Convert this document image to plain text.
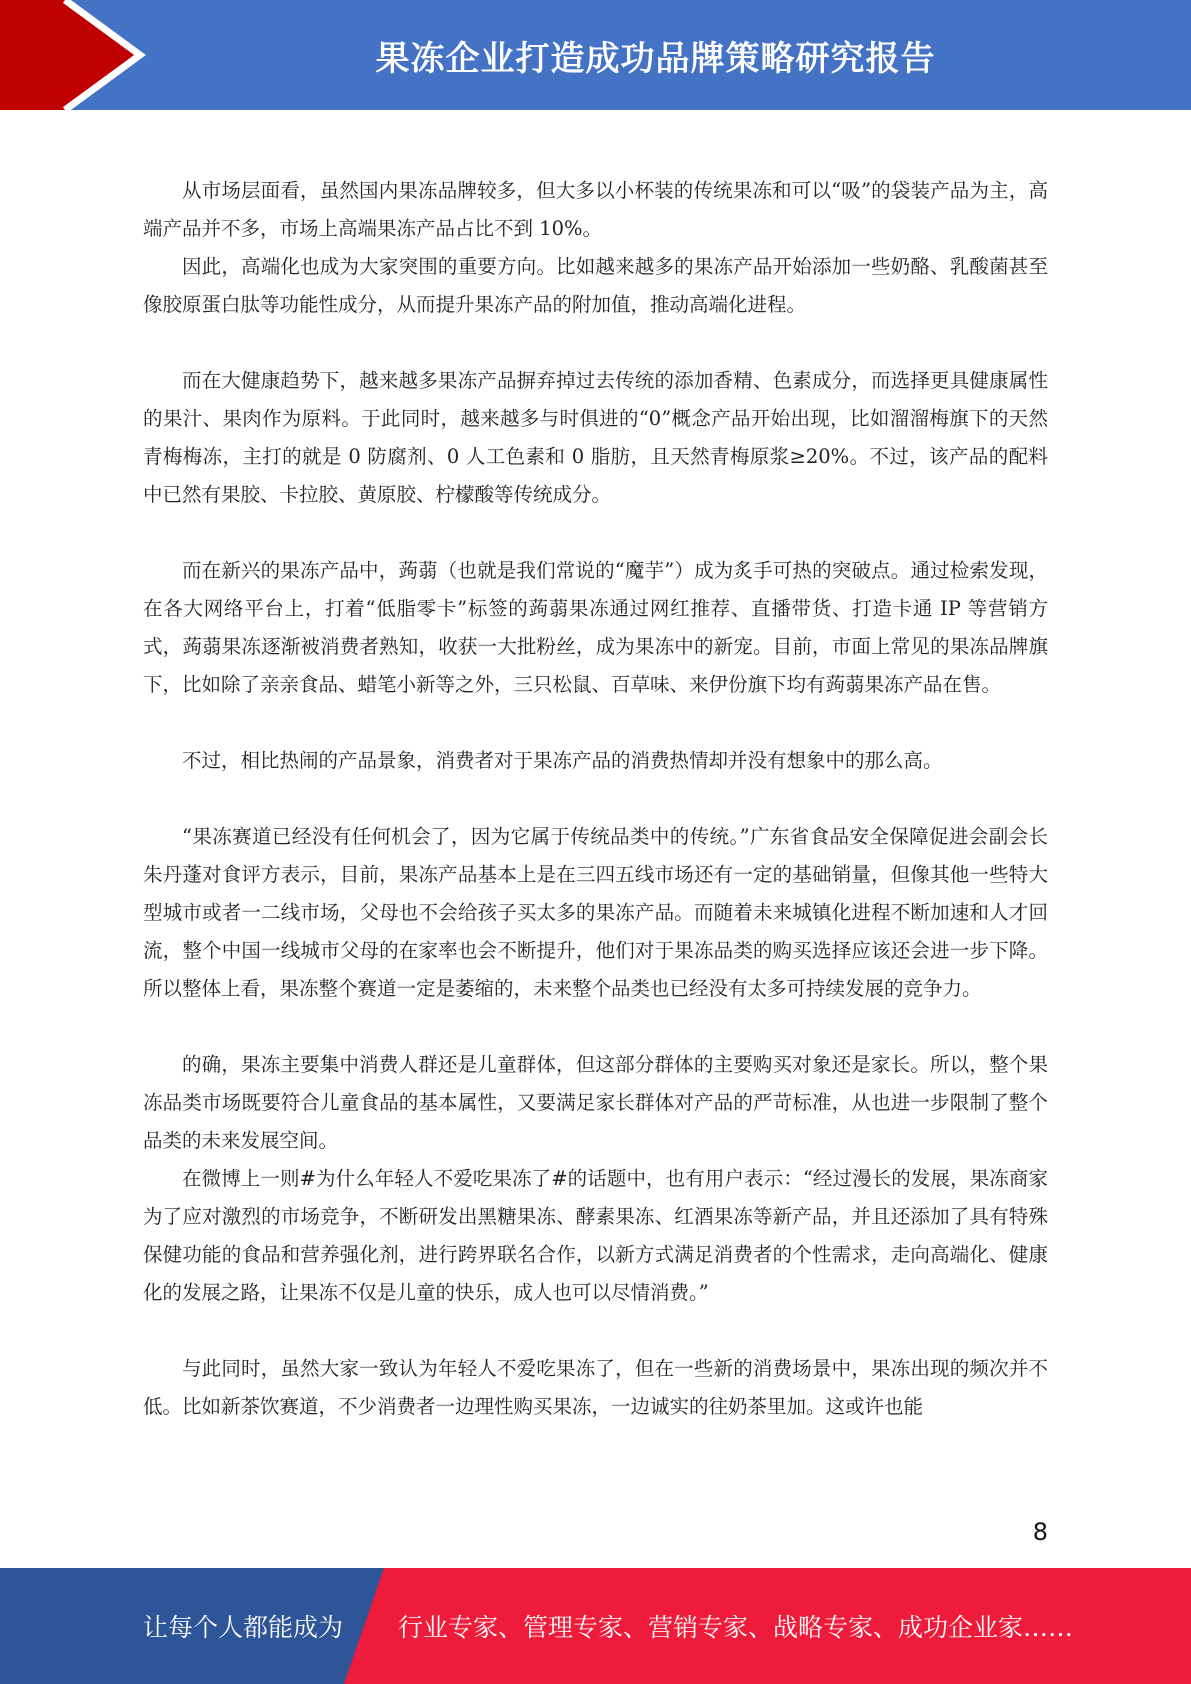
果冻企业打造成功品牌策略研究报告

从市场层面看，虽然国内果冻品牌较多，但大多以小杯装的传统果冻和可以“吸”的袋装产品为主，高端产品并不多，市场上高端果冻产品占比不到 10%。

因此，高端化也成为大家突围的重要方向。比如越来越多的果冻产品开始添加一些奶酪、乳酸菌甚至像胶原蛋白肽等功能性成分，从而提升果冻产品的附加值，推动高端化进程。

而在大健康趋势下，越来越多果冻产品摒弃掉过去传统的添加香精、色素成分，而选择更具健康属性的果汁、果肉作为原料。于此同时，越来越多与时俱进的“0”概念产品开始出现，比如溜溜梅旗下的天然青梅梅冻，主打的就是 0 防腐剂、0 人工色素和 0 脂肪，且天然青梅原浆≥20%。不过，该产品的配料中已然有果胶、卡拉胶、黄原胶、柠檬酸等传统成分。

而在新兴的果冻产品中，蒟蒻（也就是我们常说的“魔芋”）成为炙手可热的突破点。通过检索发现，在各大网络平台上，打着“低脂零卡”标签的蒟蒻果冻通过网红推荐、直播带货、打造卡通 IP 等营销方式，蒟蒻果冻逐渐被消费者熟知，收获一大批粉丝，成为果冻中的新宠。目前，市面上常见的果冻品牌旗下，比如除了亲亲食品、蜡笔小新等之外，三只松鼠、百草味、来伊份旗下均有蒟蒻果冻产品在售。

不过，相比热闹的产品景象，消费者对于果冻产品的消费热情却并没有想象中的那么高。

“果冻赛道已经没有任何机会了，因为它属于传统品类中的传统。”广东省食品安全保障促进会副会长朱丹蓬对食评方表示，目前，果冻产品基本上是在三四五线市场还有一定的基础销量，但像其他一些特大型城市或者一二线市场，父母也不会给孩子买太多的果冻产品。而随着未来城镇化进程不断加速和人才回流，整个中国一线城市父母的在家率也会不断提升，他们对于果冻品类的购买选择应该还会进一步下降。所以整体上看，果冻整个赛道一定是萎缩的，未来整个品类也已经没有太多可持续发展的竞争力。

的确，果冻主要集中消费人群还是儿童群体，但这部分群体的主要购买对象还是家长。所以，整个果冻品类市场既要符合儿童食品的基本属性，又要满足家长群体对产品的严苛标准，从也进一步限制了整个品类的未来发展空间。

在微博上一则#为什么年轻人不爱吃果冻了#的话题中，也有用户表示：“经过漫长的发展，果冻商家为了应对激烈的市场竞争，不断研发出黑糖果冻、酵素果冻、红酒果冻等新产品，并且还添加了具有特殊保健功能的食品和营养强化剂，进行跨界联名合作，以新方式满足消费者的个性需求，走向高端化、健康化的发展之路，让果冻不仅是儿童的快乐，成人也可以尽情消费。”

与此同时，虽然大家一致认为年轻人不爱吃果冻了，但在一些新的消费场景中，果冻出现的频次并不低。比如新茶饮赛道，不少消费者一边理性购买果冻，一边诚实的往奶茶里加。这或许也能

8
让每个人都能成为 行业专家、管理专家、营销专家、战略专家、成功企业家……
